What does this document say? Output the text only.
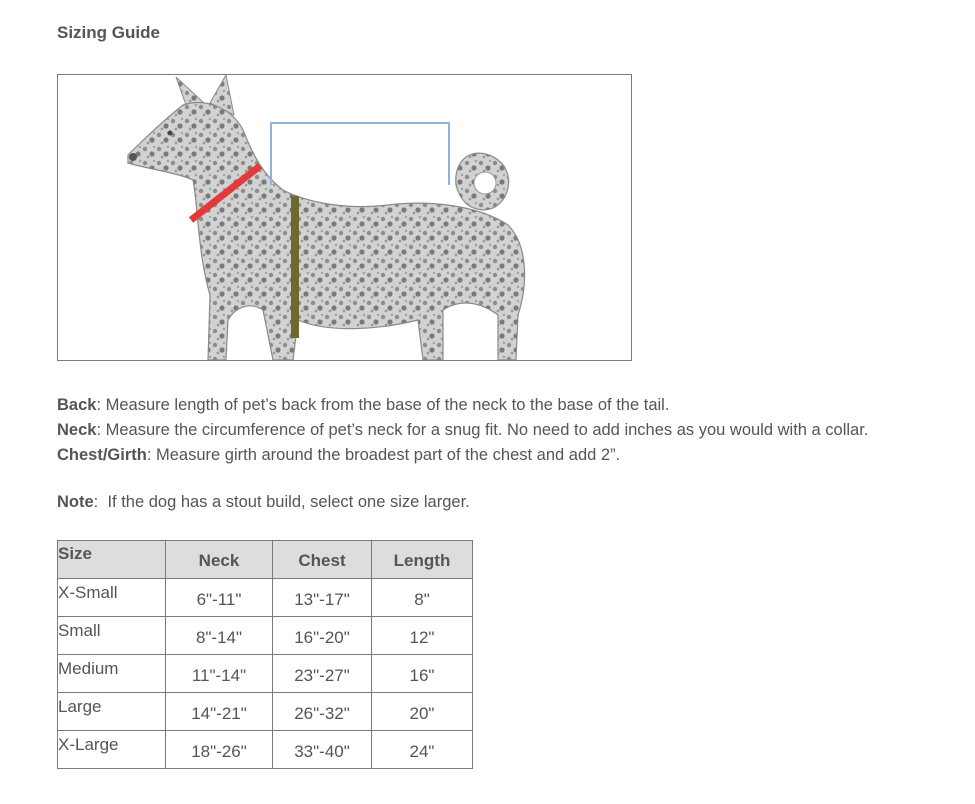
Sizing Guide

Back: Measure length of pet’s back from the base of the neck to the base of the tail.

Neck: Measure the circumference of pet’s neck for a snug fit. No need to add inches as you would with a collar.

Chest/Girth: Measure girth around the broadest part of the chest and add 2”.

Note:  If the dog has a stout build, select one size larger.

Size	Neck	Chest	Length
X-Small	6"-11"	13"-17"	8"
Small	8"-14"	16"-20"	12"
Medium	11"-14"	23"-27"	16"
Large	14"-21"	26"-32"	20"
X-Large	18"-26"	33"-40"	24"
